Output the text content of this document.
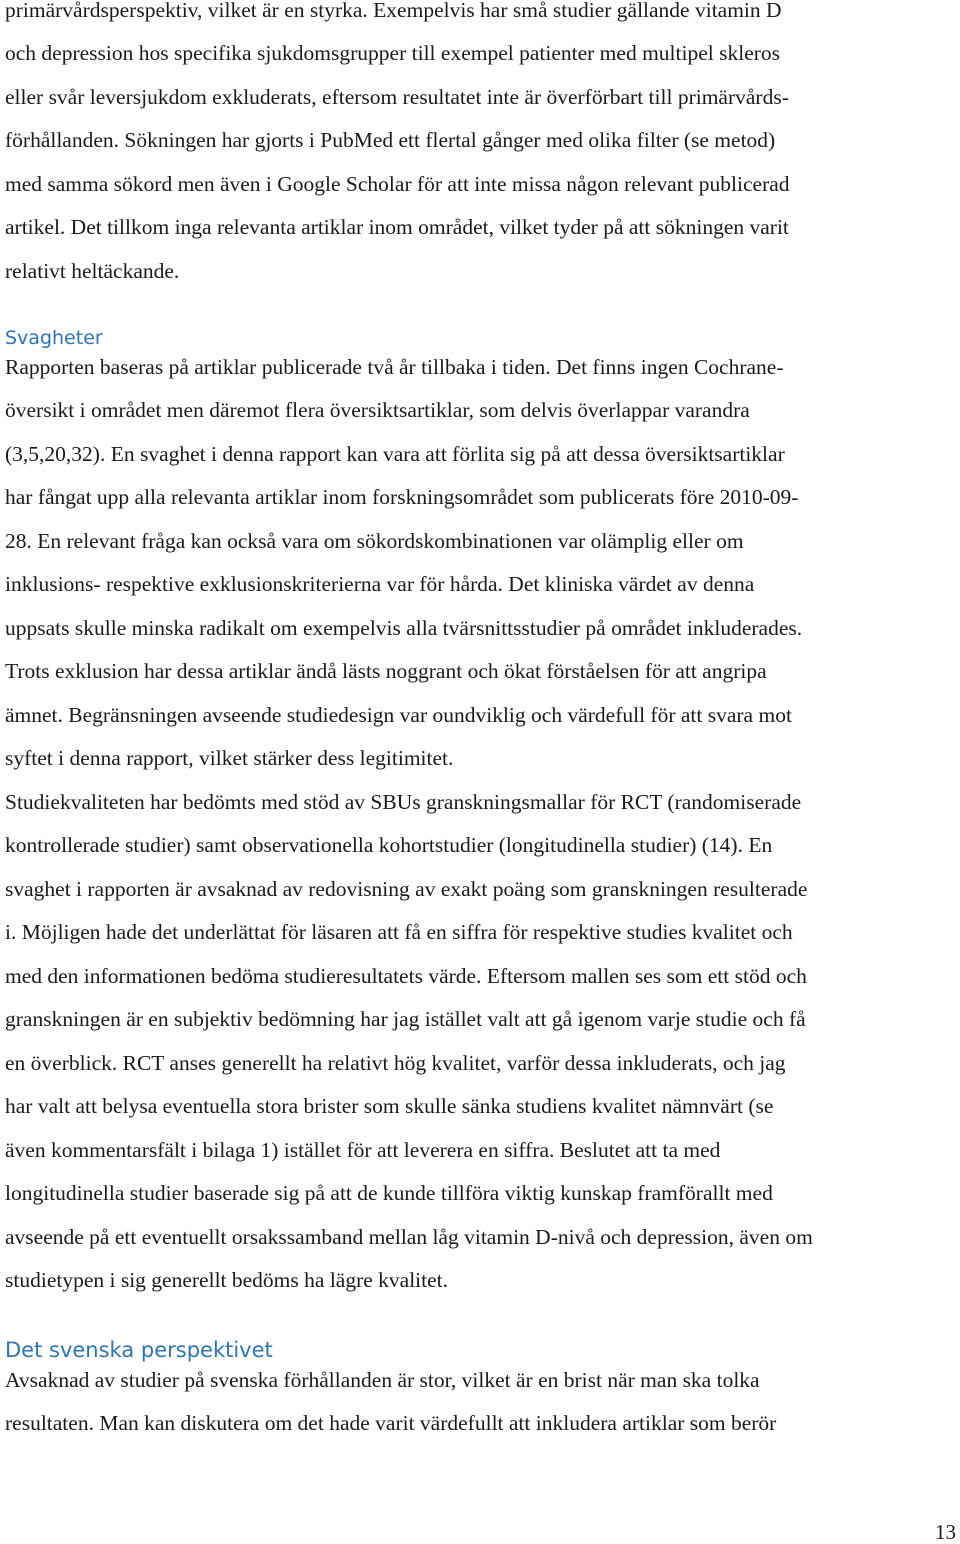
primärvårdsperspektiv, vilket är en styrka. Exempelvis har små studier gällande vitamin D
och depression hos specifika sjukdomsgrupper till exempel patienter med multipel skleros
eller svår leversjukdom exkluderats, eftersom resultatet inte är överförbart till primärvårds-
förhållanden. Sökningen har gjorts i PubMed ett flertal gånger med olika filter (se metod)
med samma sökord men även i Google Scholar för att inte missa någon relevant publicerad
artikel. Det tillkom inga relevanta artiklar inom området, vilket tyder på att sökningen varit
relativt heltäckande.
Svagheter
Rapporten baseras på artiklar publicerade två år tillbaka i tiden. Det finns ingen Cochrane-
översikt i området men däremot flera översiktsartiklar, som delvis överlappar varandra
(3,5,20,32). En svaghet i denna rapport kan vara att förlita sig på att dessa översiktsartiklar
har fångat upp alla relevanta artiklar inom forskningsområdet som publicerats före 2010-09-
28. En relevant fråga kan också vara om sökordskombinationen var olämplig eller om
inklusions- respektive exklusionskriterierna var för hårda. Det kliniska värdet av denna
uppsats skulle minska radikalt om exempelvis alla tvärsnittsstudier på området inkluderades.
Trots exklusion har dessa artiklar ändå lästs noggrant och ökat förståelsen för att angripa
ämnet. Begränsningen avseende studiedesign var oundviklig och värdefull för att svara mot
syftet i denna rapport, vilket stärker dess legitimitet.
Studiekvaliteten har bedömts med stöd av SBUs granskningsmallar för RCT (randomiserade
kontrollerade studier) samt observationella kohortstudier (longitudinella studier) (14). En
svaghet i rapporten är avsaknad av redovisning av exakt poäng som granskningen resulterade
i. Möjligen hade det underlättat för läsaren att få en siffra för respektive studies kvalitet och
med den informationen bedöma studieresultatets värde. Eftersom mallen ses som ett stöd och
granskningen är en subjektiv bedömning har jag istället valt att gå igenom varje studie och få
en överblick. RCT anses generellt ha relativt hög kvalitet, varför dessa inkluderats, och jag
har valt att belysa eventuella stora brister som skulle sänka studiens kvalitet nämnvärt (se
även kommentarsfält i bilaga 1) istället för att leverera en siffra. Beslutet att ta med
longitudinella studier baserade sig på att de kunde tillföra viktig kunskap framförallt med
avseende på ett eventuellt orsakssamband mellan låg vitamin D-nivå och depression, även om
studietypen i sig generellt bedöms ha lägre kvalitet.
Det svenska perspektivet
Avsaknad av studier på svenska förhållanden är stor, vilket är en brist när man ska tolka
resultaten. Man kan diskutera om det hade varit värdefullt att inkludera artiklar som berör
13
